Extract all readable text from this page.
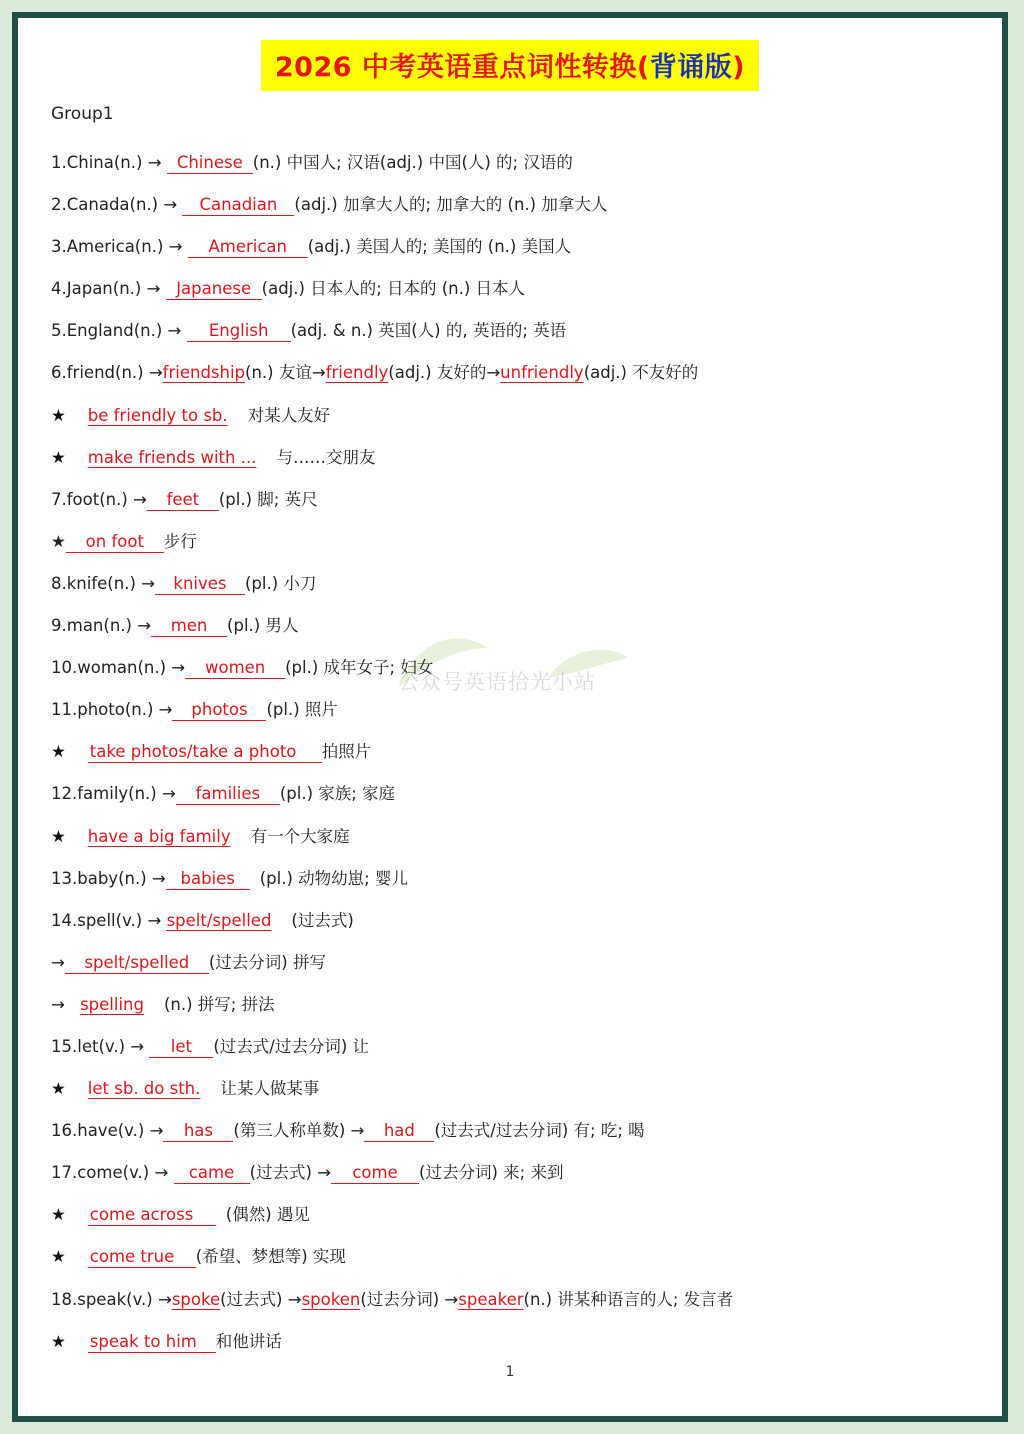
2026 中考英语重点词性转换(背诵版)
Group1
1.China(n.) → Chinese (n.) 中国人; 汉语(adj.) 中国(人) 的; 汉语的
2.Canada(n.) → Canadian (adj.) 加拿大人的; 加拿大的 (n.) 加拿大人
3.America(n.) → American (adj.) 美国人的; 美国的 (n.) 美国人
4.Japan(n.) → Japanese (adj.) 日本人的; 日本的 (n.) 日本人
5.England(n.) → English (adj. & n.) 英国(人) 的, 英语的; 英语
6.friend(n.) →friendship(n.) 友谊→friendly(adj.) 友好的→unfriendly(adj.) 不友好的
★ be friendly to sb. 对某人友好
★ make friends with ... 与……交朋友
7.foot(n.) → feet (pl.) 脚; 英尺
★ on foot 步行
8.knife(n.) → knives (pl.) 小刀
9.man(n.) → men (pl.) 男人
10.woman(n.) → women (pl.) 成年女子; 妇女
11.photo(n.) → photos (pl.) 照片
★ take photos/take a photo 拍照片
12.family(n.) → families (pl.) 家族; 家庭
★ have a big family 有一个大家庭
13.baby(n.) → babies (pl.) 动物幼崽; 婴儿
14.spell(v.) → spelt/spelled (过去式)
→ spelt/spelled (过去分词) 拼写
→ spelling (n.) 拼写; 拼法
15.let(v.) → let (过去式/过去分词) 让
★ let sb. do sth. 让某人做某事
16.have(v.) → has (第三人称单数) → had (过去式/过去分词) 有; 吃; 喝
17.come(v.) → came (过去式) → come (过去分词) 来; 来到
★ come across (偶然) 遇见
★ come true (希望、梦想等) 实现
18.speak(v.) →spoke(过去式) →spoken(过去分词) →speaker(n.) 讲某种语言的人; 发言者
★ speak to him 和他讲话
公众号英语拾光小站
1
